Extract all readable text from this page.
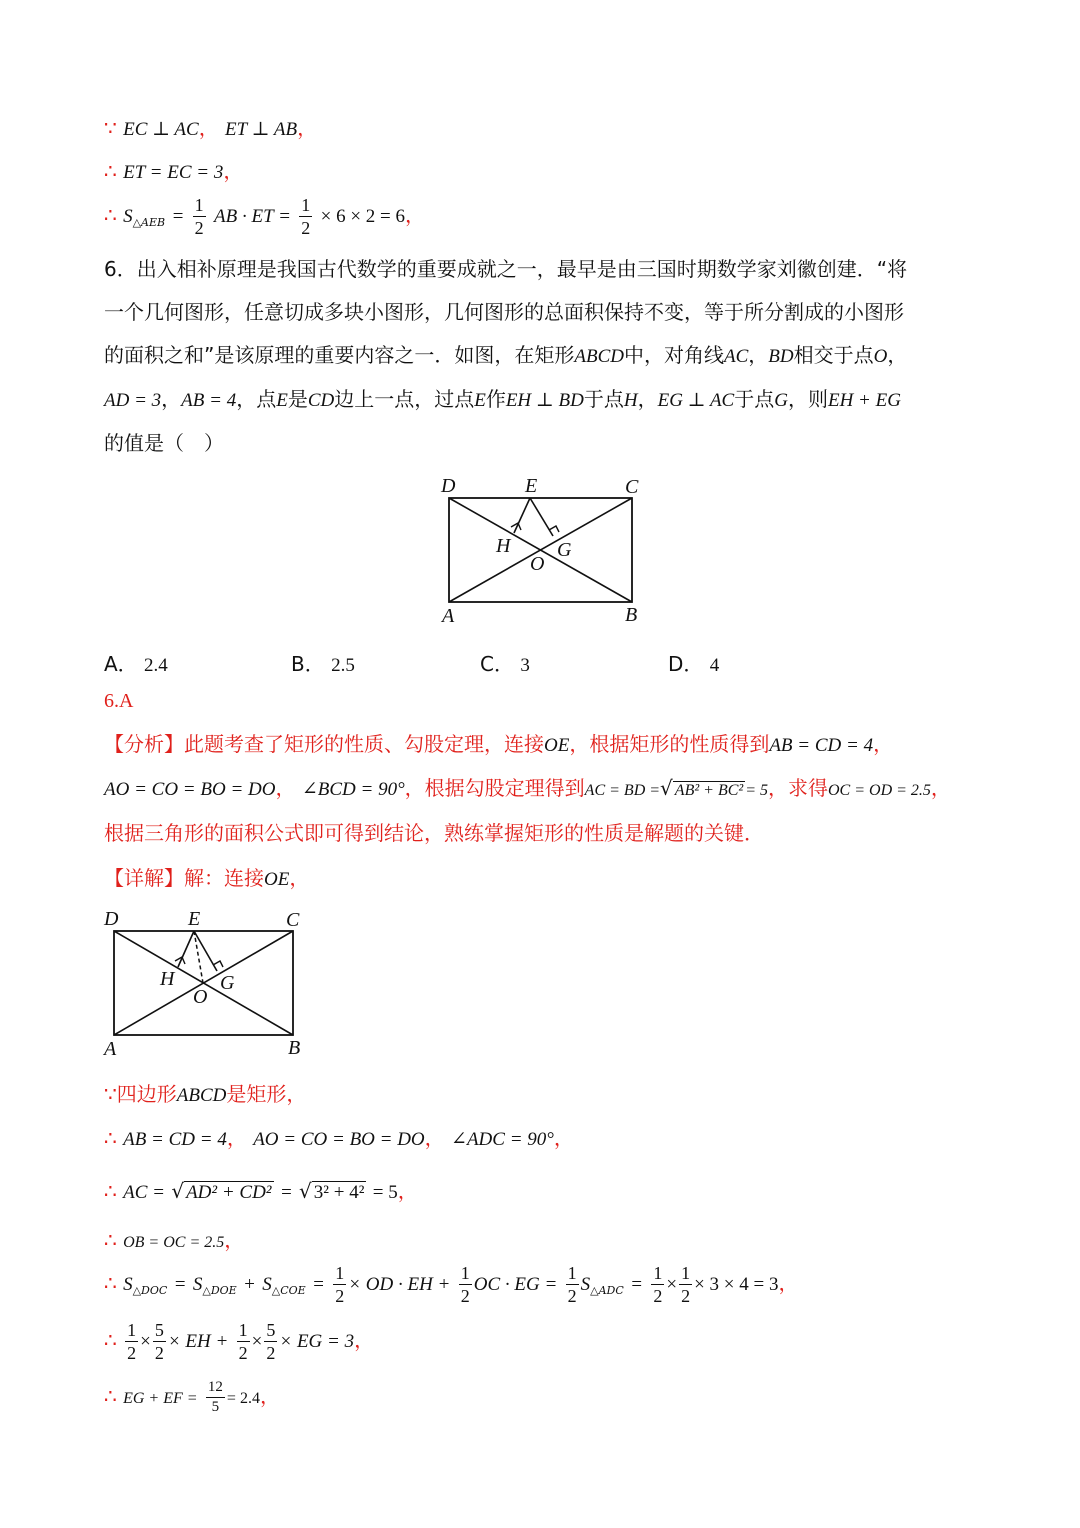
∵ EC ⊥ AC， ET ⊥ AB，
∴ ET = EC = 3，
∴ $S_{\triangle AEB} = \frac{1}{2}$ AB · ET = $\frac{1}{2} \times 6 \times 2 = 6$，
6．出入相补原理是我国古代数学的重要成就之一，最早是由三国时期数学家刘徽创建．“将
一个几何图形，任意切成多块小图形，几何图形的总面积保持不变，等于所分割成的小图形
的面积之和”是该原理的重要内容之一．如图，在矩形ABCD中，对角线AC，BD相交于点O，
AD = 3，AB = 4，点E是CD边上一点，过点E作EH ⊥ BD于点H，EG ⊥ AC于点G，则EH + EG
的值是（　）
D	E	C
H G
O
A	B
A． 2.4	B． 2.5	C． 3	D． 4
6.A
【分析】此题考查了矩形的性质、勾股定理，连接OE，根据矩形的性质得到AB = CD = 4，
AO = CO = BO = DO， ∠BCD = 90°，根据勾股定理得到AC = BD =√ AB² + BC² = 5，求得OC = OD = 2.5，
根据三角形的面积公式即可得到结论，熟练掌握矩形的性质是解题的关键．
【详解】解：连接OE，
D	E	C
H G
O
A	B
∵四边形ABCD是矩形，
∴ AB = CD = 4， AO = CO = BO = DO， ∠ADC = 90°，
∴ AC = √ AD² + CD² = √ 3² + 4² = 5，
∴ OB = OC = 2.5，
∴ $S_{\triangle DOC} = S_{\triangle DOE} + S_{\triangle COE} = \frac{1}{2}$ × OD · EH + $\frac{1}{2}$ OC · EG = $\frac{1}{2} S_{\triangle ADC} = \frac{1}{2} \times \frac{1}{2} \times 3 \times 4 = 3$，
∴ $\frac{1}{2} \times \frac{5}{2}$ × EH + $\frac{1}{2} \times \frac{5}{2}$ × EG = 3，
∴ EG + EF = $\frac{12}{5} = 2.4$，
